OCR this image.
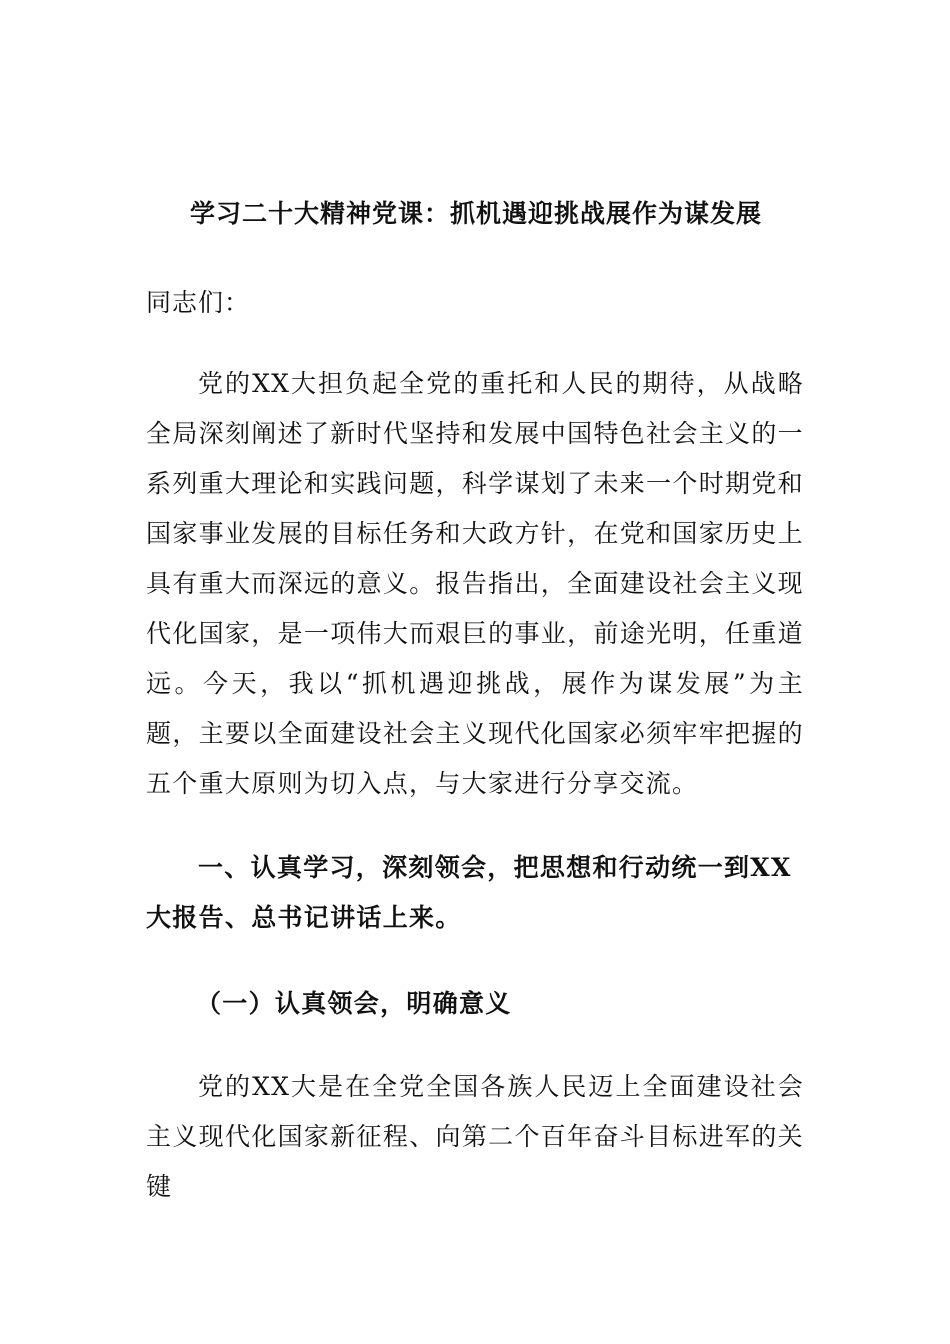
学习二十大精神党课：抓机遇迎挑战展作为谋发展
同志们：

党的XX大担负起全党的重托和人民的期待，从战略全局深刻阐述了新时代坚持和发展中国特色社会主义的一系列重大理论和实践问题，科学谋划了未来一个时期党和国家事业发展的目标任务和大政方针，在党和国家历史上具有重大而深远的意义。报告指出，全面建设社会主义现代化国家，是一项伟大而艰巨的事业，前途光明，任重道远。今天，我以“抓机遇迎挑战，展作为谋发展”为主题，主要以全面建设社会主义现代化国家必须牢牢把握的五个重大原则为切入点，与大家进行分享交流。

一、认真学习，深刻领会，把思想和行动统一到XX大报告、总书记讲话上来。

（一）认真领会，明确意义

党的XX大是在全党全国各族人民迈上全面建设社会主义现代化国家新征程、向第二个百年奋斗目标进军的关键
